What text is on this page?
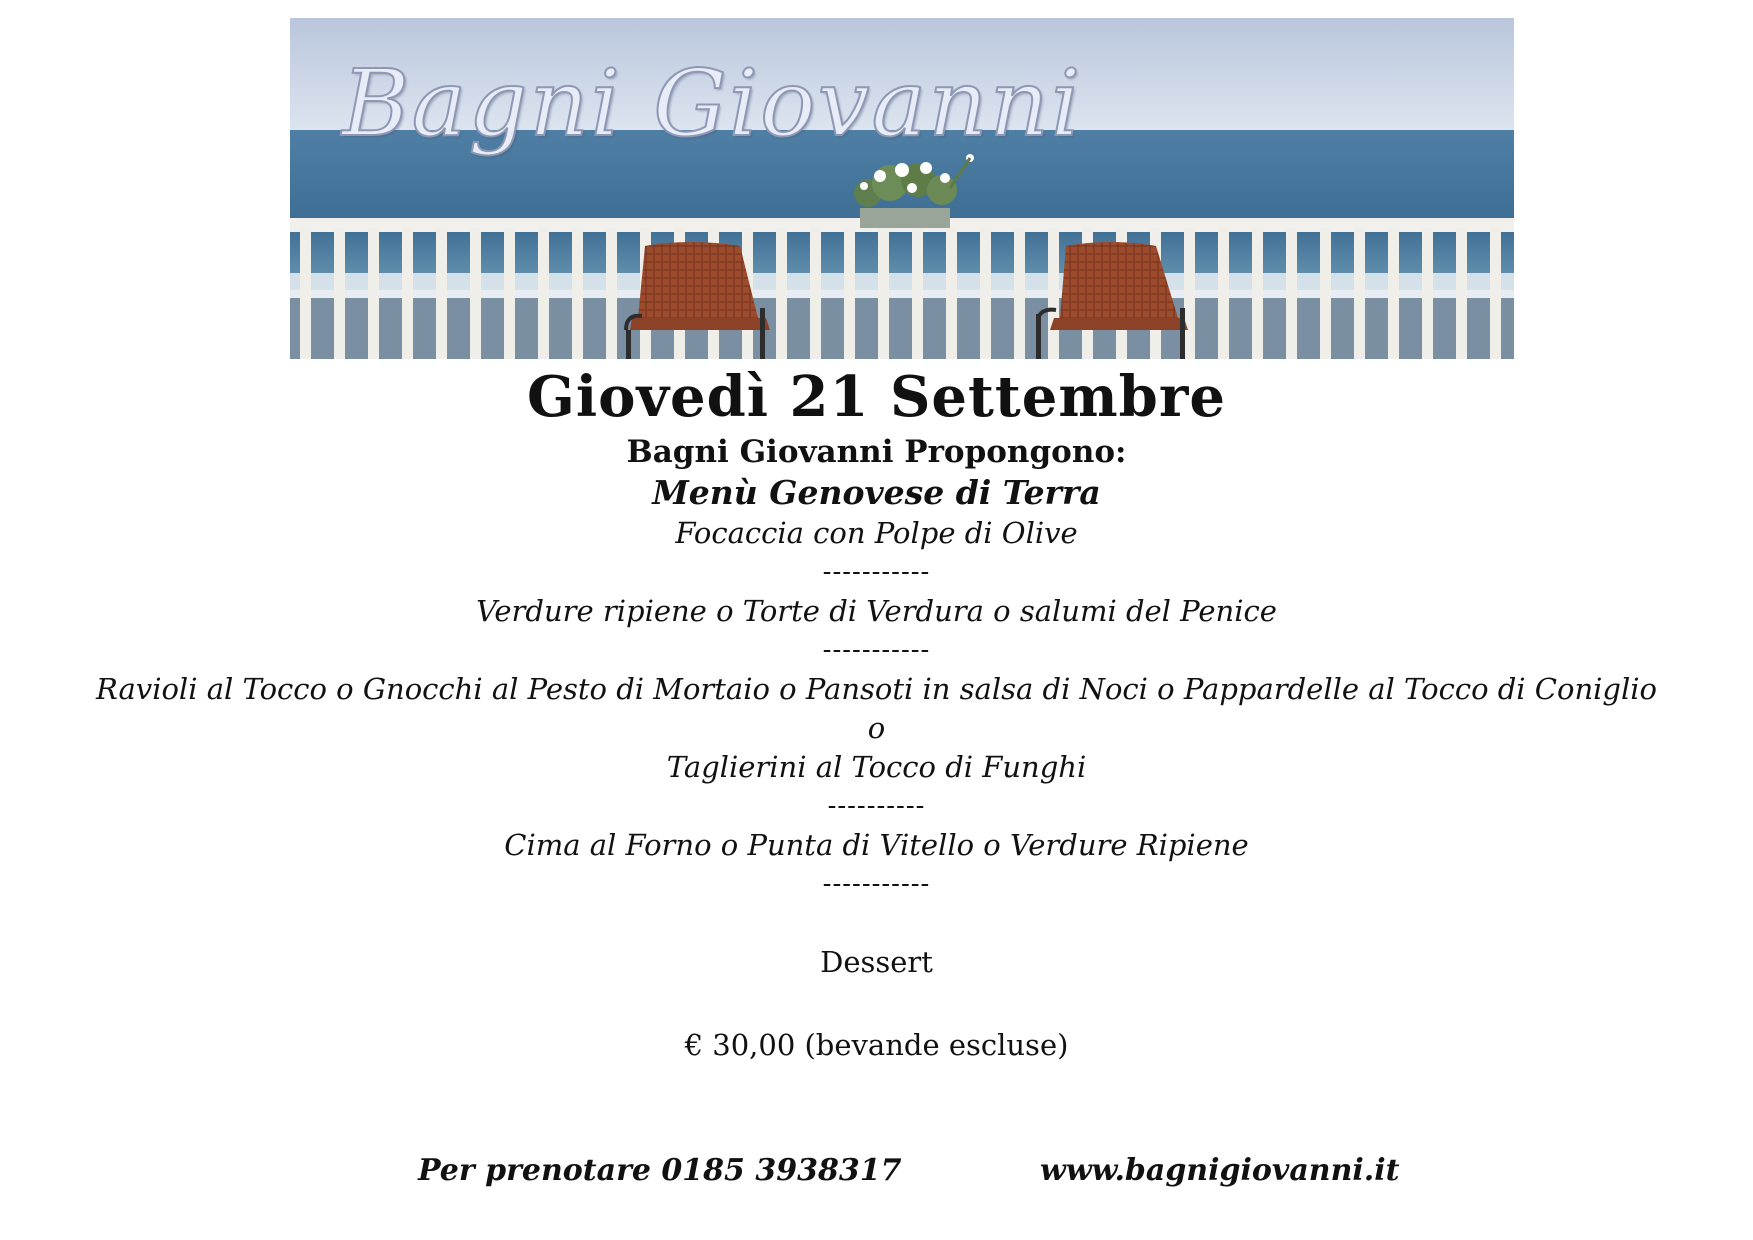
Bagni Giovanni
Giovedì 21 Settembre
Bagni Giovanni Propongono:
Menù Genovese di Terra
Focaccia con Polpe di Olive
-----------
Verdure ripiene o Torte di Verdura o salumi del Penice
-----------
Ravioli al Tocco o Gnocchi al Pesto di Mortaio o Pansoti in salsa di Noci o Pappardelle al Tocco di Coniglio
o
Taglierini al Tocco di Funghi
----------
Cima al Forno o Punta di Vitello o Verdure Ripiene
-----------
Dessert
€ 30,00 (bevande escluse)
Per prenotare 0185 3938317	www.bagnigiovanni.it
